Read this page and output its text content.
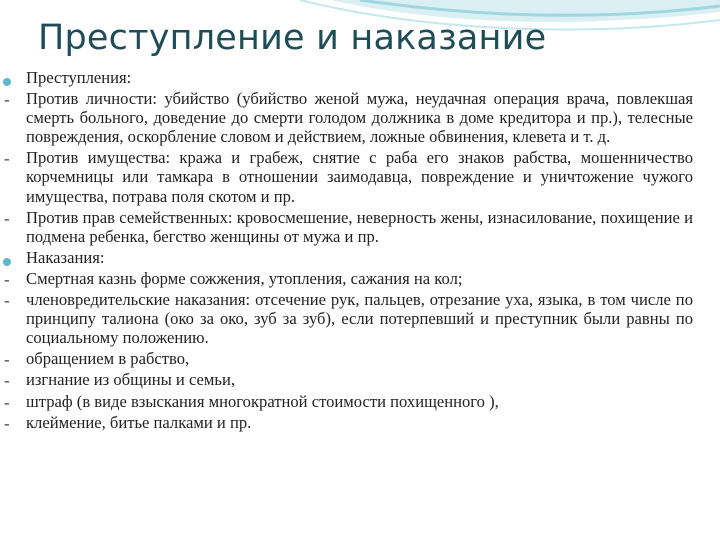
Преступление и наказание
Преступления:
- Против личности: убийство (убийство женой мужа, неудачная операция врача, повлекшая смерть больного, доведение до смерти голодом должника в доме кредитора и пр.), телесные повреждения, оскорбление словом и действием, ложные обвинения, клевета и т. д.
- Против имущества: кража и грабеж, снятие с раба его знаков рабства, мошенничество корчемницы или тамкара в отношении заимодавца, повреждение и уничтожение чужого имущества, потрава поля скотом и пр.
- Против прав семейственных: кровосмешение, неверность жены, изнасилование, похищение и подмена ребенка, бегство женщины от мужа и пр.
Наказания:
- Смертная казнь форме сожжения, утопления, сажания на кол;
- членовредительские наказания: отсечение рук, пальцев, отрезание уха, языка, в том числе по принципу талиона (око за око, зуб за зуб), если потерпевший и преступник были равны по социальному положению.
- обращением в рабство,
- изгнание из общины и семьи,
- штраф (в виде взыскания многократной стоимости похищенного ),
- клеймение, битье палками и пр.
